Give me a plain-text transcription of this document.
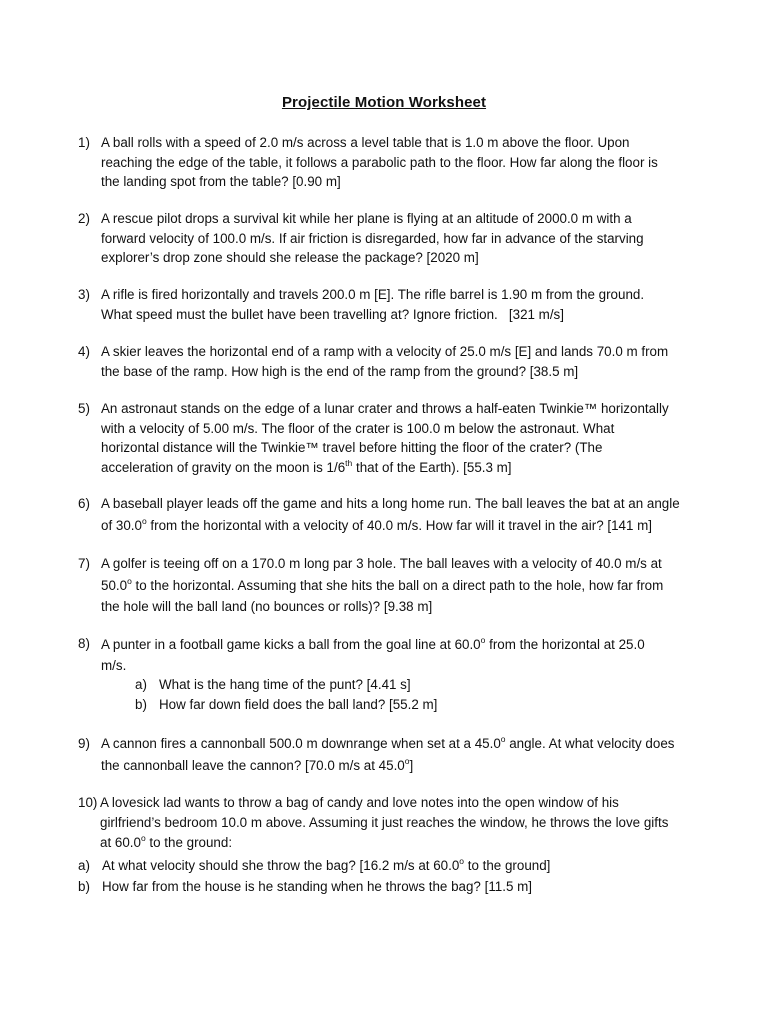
Projectile Motion Worksheet
1) A ball rolls with a speed of 2.0 m/s across a level table that is 1.0 m above the floor. Upon
reaching the edge of the table, it follows a parabolic path to the floor. How far along the floor is
the landing spot from the table? [0.90 m]
2) A rescue pilot drops a survival kit while her plane is flying at an altitude of 2000.0 m with a
forward velocity of 100.0 m/s. If air friction is disregarded, how far in advance of the starving
explorer’s drop zone should she release the package? [2020 m]
3) A rifle is fired horizontally and travels 200.0 m [E]. The rifle barrel is 1.90 m from the ground.
What speed must the bullet have been travelling at? Ignore friction.   [321 m/s]
4) A skier leaves the horizontal end of a ramp with a velocity of 25.0 m/s [E] and lands 70.0 m from
the base of the ramp. How high is the end of the ramp from the ground? [38.5 m]
5) An astronaut stands on the edge of a lunar crater and throws a half-eaten Twinkie™ horizontally
with a velocity of 5.00 m/s. The floor of the crater is 100.0 m below the astronaut. What
horizontal distance will the Twinkie™ travel before hitting the floor of the crater? (The
acceleration of gravity on the moon is 1/6th that of the Earth). [55.3 m]
6) A baseball player leads off the game and hits a long home run. The ball leaves the bat at an angle
of 30.0$^o$ from the horizontal with a velocity of 40.0 m/s. How far will it travel in the air? [141 m]
7) A golfer is teeing off on a 170.0 m long par 3 hole. The ball leaves with a velocity of 40.0 m/s at
50.0$^o$ to the horizontal. Assuming that she hits the ball on a direct path to the hole, how far from
the hole will the ball land (no bounces or rolls)? [9.38 m]
8) A punter in a football game kicks a ball from the goal line at 60.0$^o$ from the horizontal at 25.0
m/s.
a) What is the hang time of the punt? [4.41 s]
b) How far down field does the ball land? [55.2 m]
9) A cannon fires a cannonball 500.0 m downrange when set at a 45.0$^o$ angle. At what velocity does
the cannonball leave the cannon? [70.0 m/s at 45.0$^o$]
10) A lovesick lad wants to throw a bag of candy and love notes into the open window of his
girlfriend’s bedroom 10.0 m above. Assuming it just reaches the window, he throws the love gifts
at 60.0$^o$ to the ground:
a) At what velocity should she throw the bag? [16.2 m/s at 60.0$^o$ to the ground]
b) How far from the house is he standing when he throws the bag? [11.5 m]
